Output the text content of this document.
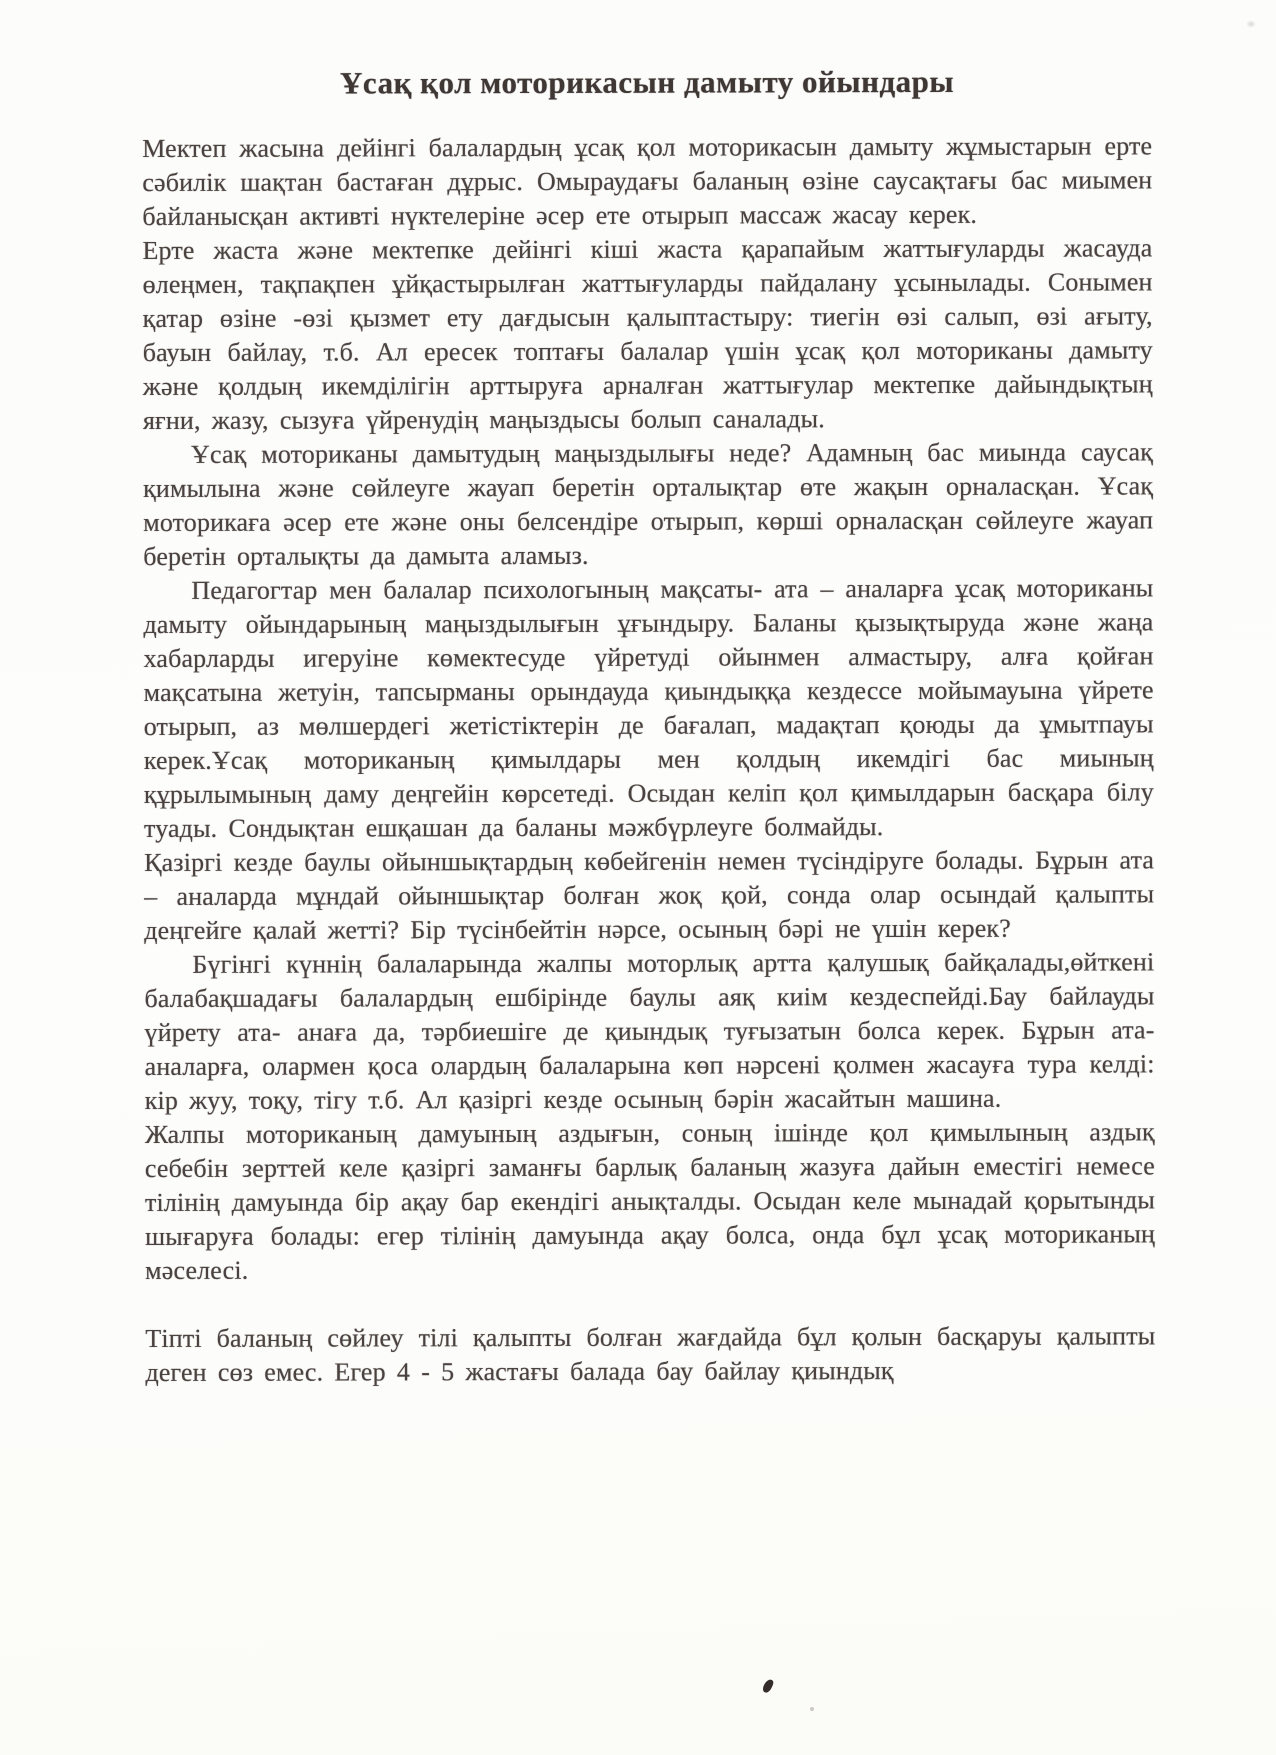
Ұсақ қол моторикасын дамыту ойындары

Мектеп жасына дейінгі балалардың ұсақ қол моторикасын дамыту жұмыстарын ерте сәбилік шақтан бастаған дұрыс. Омыраудағы баланың өзіне саусақтағы бас миымен байланысқан активті нүктелеріне әсер ете отырып массаж жасау керек.

Ерте жаста және мектепке дейінгі кіші жаста қарапайым жаттығуларды жасауда өлеңмен, тақпақпен ұйқастырылған жаттығуларды пайдалану ұсынылады. Сонымен қатар өзіне -өзі қызмет ету дағдысын қалыптастыру: тиегін өзі салып, өзі ағыту, бауын байлау, т.б. Ал ересек топтағы балалар үшін ұсақ қол моториканы дамыту және қолдың икемділігін арттыруға арналған жаттығулар мектепке дайындықтың яғни, жазу, сызуға үйренудің маңыздысы болып саналады.

Ұсақ моториканы дамытудың маңыздылығы неде? Адамның бас миында саусақ қимылына және сөйлеуге жауап беретін орталықтар өте жақын орналасқан. Ұсақ моторикаға әсер ете және оны белсендіре отырып, көрші орналасқан сөйлеуге жауап беретін орталықты да дамыта аламыз.

Педагогтар мен балалар психологының мақсаты- ата – аналарға ұсақ моториканы дамыту ойындарының маңыздылығын ұғындыру. Баланы қызықтыруда және жаңа хабарларды игеруіне көмектесуде үйретуді ойынмен алмастыру, алға қойған мақсатына жетуін, тапсырманы орындауда қиындыққа кездессе мойымауына үйрете отырып, аз мөлшердегі жетістіктерін де бағалап, мадақтап қоюды да ұмытпауы керек.Ұсақ моториканың қимылдары мен қолдың икемдігі бас миының құрылымының даму деңгейін көрсетеді. Осыдан келіп қол қимылдарын басқара білу туады. Сондықтан ешқашан да баланы мәжбүрлеуге болмайды.

Қазіргі кезде баулы ойыншықтардың көбейгенін немен түсіндіруге болады. Бұрын ата – аналарда мұндай ойыншықтар болған жоқ қой, сонда олар осындай қалыпты деңгейге қалай жетті? Бір түсінбейтін нәрсе, осының бәрі не үшін керек?

Бүгінгі күннің балаларында жалпы моторлық артта қалушық байқалады,өйткені балабақшадағы балалардың ешбірінде баулы аяқ киім кездеспейді.Бау байлауды үйрету ата- анаға да, тәрбиешіге де қиындық туғызатын болса керек. Бұрын ата- аналарға, олармен қоса олардың балаларына көп нәрсені қолмен жасауға тура келді: кір жуу, тоқу, тігу т.б. Ал қазіргі кезде осының бәрін жасайтын машина.

Жалпы моториканың дамуының аздығын, соның ішінде қол қимылының аздық себебін зерттей келе қазіргі заманғы барлық баланың жазуға дайын еместігі немесе тілінің дамуында бір ақау бар екендігі анықталды. Осыдан келе мынадай қорытынды шығаруға болады: егер тілінің дамуында ақау болса, онда бұл ұсақ моториканың мәселесі.

Тіпті баланың сөйлеу тілі қалыпты болған жағдайда бұл қолын басқаруы қалыпты деген сөз емес. Егер 4 - 5 жастағы балада бау байлау қиындық
